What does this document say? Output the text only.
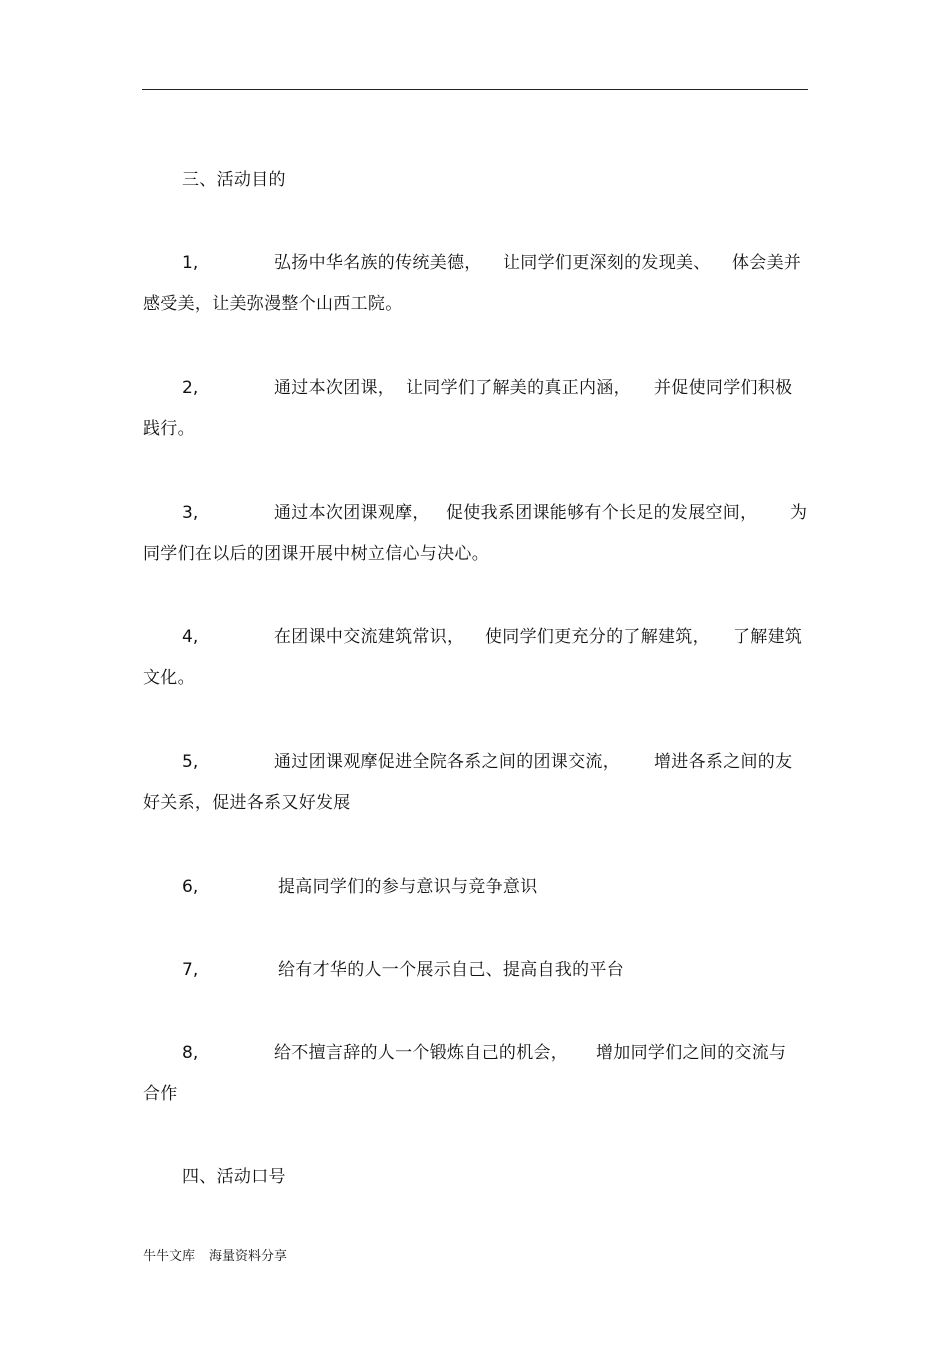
三、活动目的
1,	弘扬中华名族的传统美德， 让同学们更深刻的发现美、 体会美并
感受美，让美弥漫整个山西工院。
2,	通过本次团课， 让同学们了解美的真正内涵， 并促使同学们积极
践行。
3,	通过本次团课观摩， 促使我系团课能够有个长足的发展空间， 为
同学们在以后的团课开展中树立信心与决心。
4,	在团课中交流建筑常识， 使同学们更充分的了解建筑， 了解建筑
文化。
5,	通过团课观摩促进全院各系之间的团课交流， 增进各系之间的友
好关系，促进各系又好发展
6,	提高同学们的参与意识与竞争意识
7,	给有才华的人一个展示自己、提高自我的平台
8,	给不擅言辞的人一个锻炼自己的机会， 增加同学们之间的交流与
合作
四、活动口号
牛牛文库 海量资料分享
